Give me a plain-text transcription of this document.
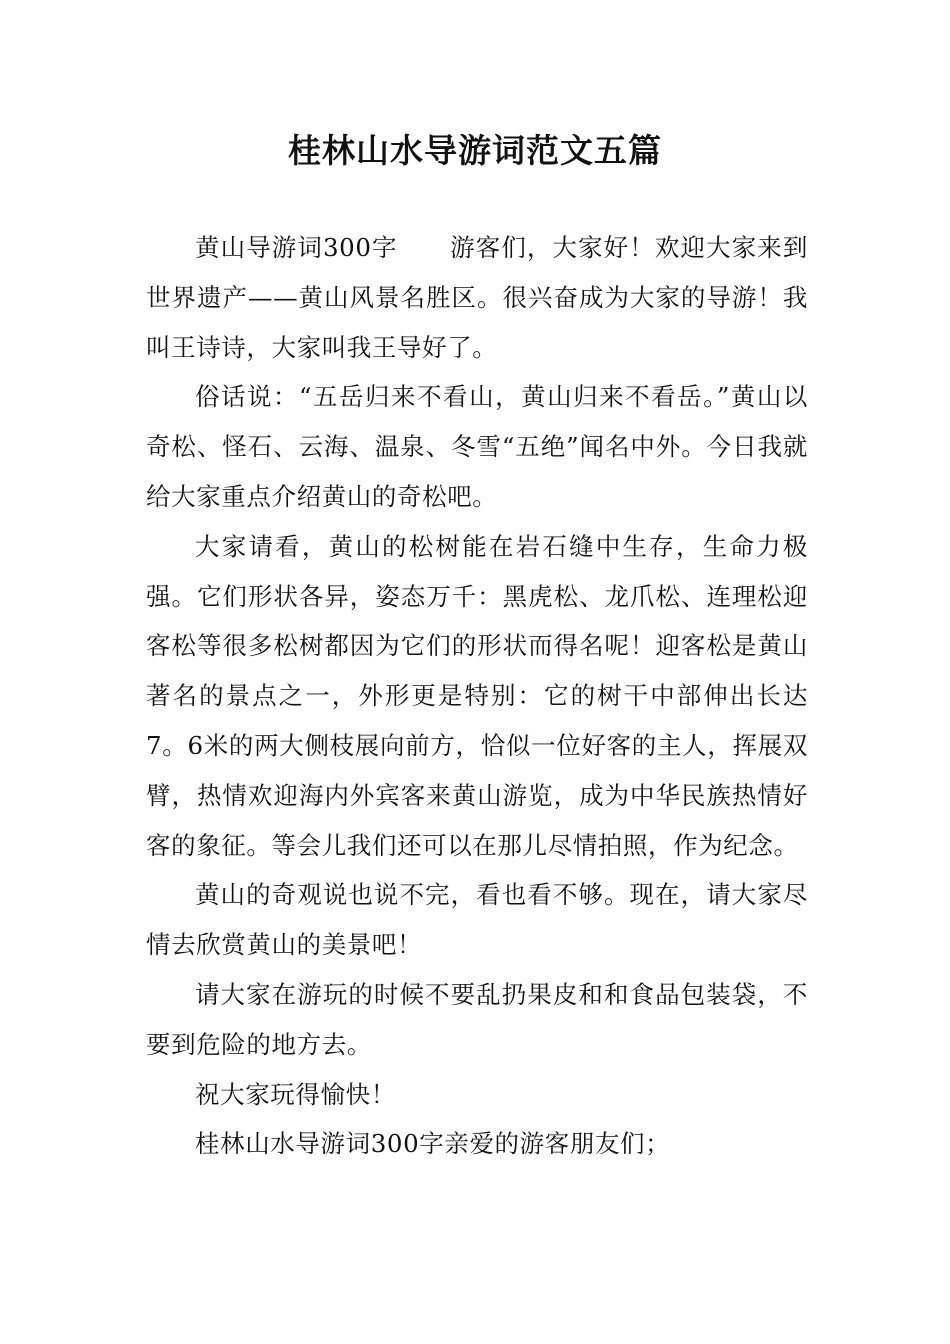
桂林山水导游词范文五篇

黄山导游词300字 游客们，大家好！欢迎大家来到世界遗产——黄山风景名胜区。很兴奋成为大家的导游！我叫王诗诗，大家叫我王导好了。

俗话说：“五岳归来不看山，黄山归来不看岳。”黄山以奇松、怪石、云海、温泉、冬雪“五绝”闻名中外。今日我就给大家重点介绍黄山的奇松吧。

大家请看，黄山的松树能在岩石缝中生存，生命力极强。它们形状各异，姿态万千：黑虎松、龙爪松、连理松迎客松等很多松树都因为它们的形状而得名呢！迎客松是黄山著名的景点之一，外形更是特别：它的树干中部伸出长达7。6米的两大侧枝展向前方，恰似一位好客的主人，挥展双臂，热情欢迎海内外宾客来黄山游览，成为中华民族热情好客的象征。等会儿我们还可以在那儿尽情拍照，作为纪念。

黄山的奇观说也说不完，看也看不够。现在，请大家尽情去欣赏黄山的美景吧！

请大家在游玩的时候不要乱扔果皮和和食品包装袋，不要到危险的地方去。

祝大家玩得愉快！

桂林山水导游词300字亲爱的游客朋友们；
